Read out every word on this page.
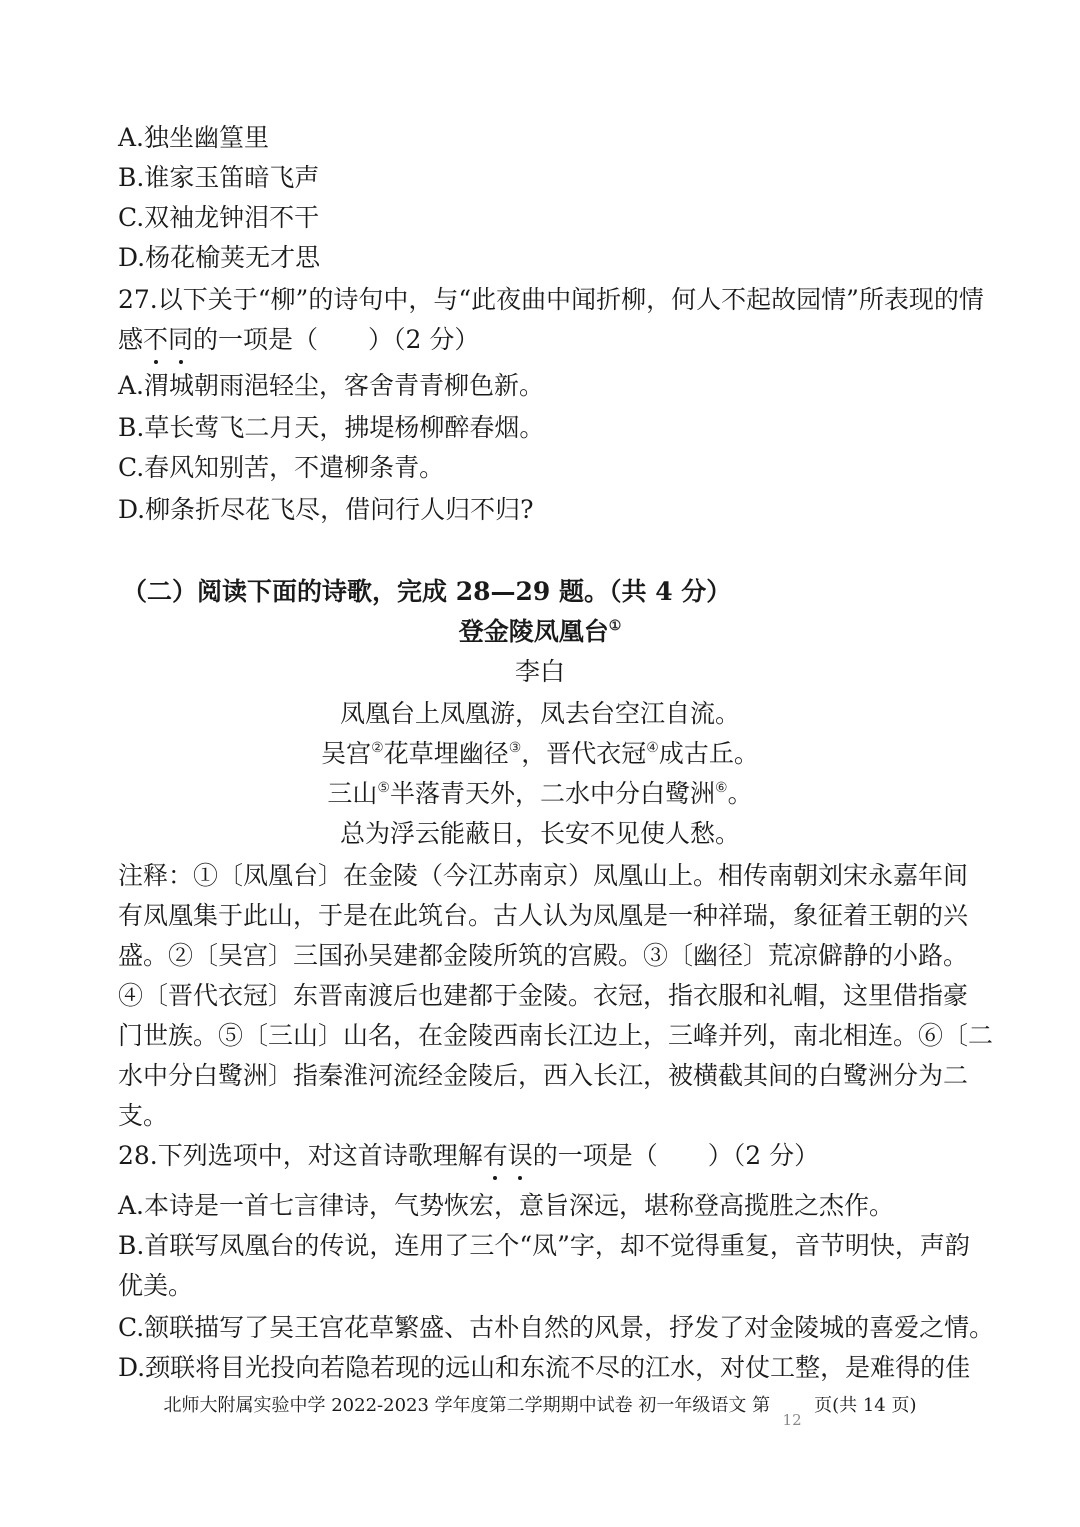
A.独坐幽篁里
B.谁家玉笛暗飞声
C.双袖龙钟泪不干
D.杨花榆荚无才思
27.以下关于“柳”的诗句中，与“此夜曲中闻折柳，何人不起故园情”所表现的情
感不同的一项是（　　）（2 分）
A.渭城朝雨浥轻尘，客舍青青柳色新。
B.草长莺飞二月天，拂堤杨柳醉春烟。
C.春风知别苦，不遣柳条青。
D.柳条折尽花飞尽，借问行人归不归?
（二）阅读下面的诗歌，完成 28—29 题。（共 4 分）
登金陵凤凰台①
李白
凤凰台上凤凰游，凤去台空江自流。
吴宫②花草埋幽径③，晋代衣冠④成古丘。
三山⑤半落青天外，二水中分白鹭洲⑥。
总为浮云能蔽日，长安不见使人愁。
注释：①〔凤凰台〕在金陵（今江苏南京）凤凰山上。相传南朝刘宋永嘉年间
有凤凰集于此山，于是在此筑台。古人认为凤凰是一种祥瑞，象征着王朝的兴
盛。②〔吴宫〕三国孙吴建都金陵所筑的宫殿。③〔幽径〕荒凉僻静的小路。
④〔晋代衣冠〕东晋南渡后也建都于金陵。衣冠，指衣服和礼帽，这里借指豪
门世族。⑤〔三山〕山名，在金陵西南长江边上，三峰并列，南北相连。⑥〔二
水中分白鹭洲〕指秦淮河流经金陵后，西入长江，被横截其间的白鹭洲分为二
支。
28.下列选项中，对这首诗歌理解有误的一项是（　　）（2 分）
A.本诗是一首七言律诗，气势恢宏，意旨深远，堪称登高揽胜之杰作。
B.首联写凤凰台的传说，连用了三个“凤”字，却不觉得重复，音节明快，声韵
优美。
C.颔联描写了吴王宫花草繁盛、古朴自然的风景，抒发了对金陵城的喜爱之情。
D.颈联将目光投向若隐若现的远山和东流不尽的江水，对仗工整，是难得的佳
北师大附属实验中学 2022-2023 学年度第二学期期中试卷 初一年级语文 第12页(共 14 页)
